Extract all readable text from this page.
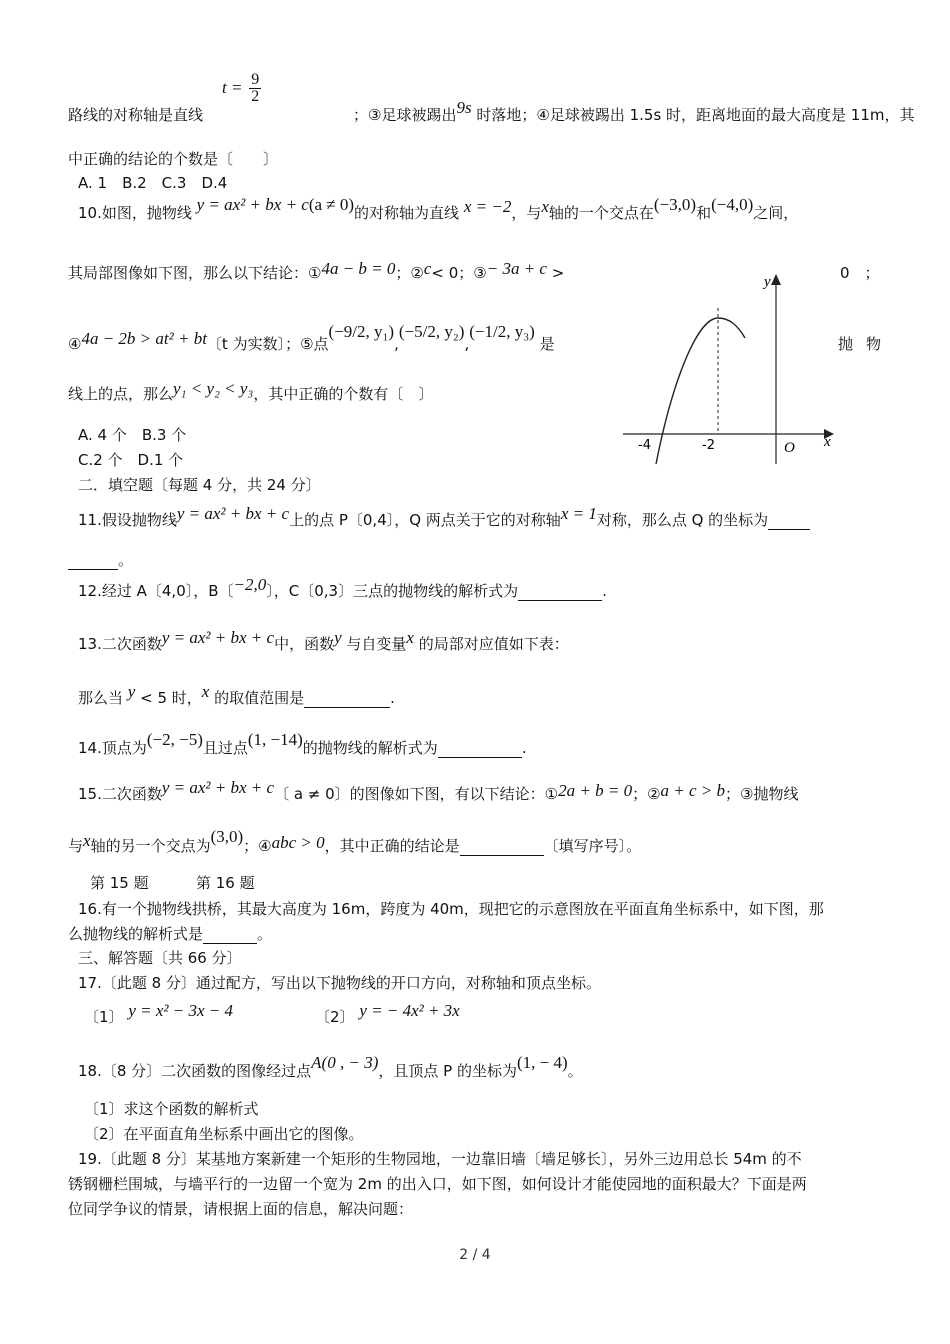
$t = \frac{9}{2}$
路线的对称轴是直线	；③足球被踢出9s 时落地；④足球被踢出 1.5s 时，距离地面的最大高度是 11m，其
中正确的结论的个数是〔　　〕
A. 1　B.2　C.3　D.4
10.如图，抛物线 y = ax² + bx + c(a ≠ 0)的对称轴为直线 x = −2，与x轴的一个交点在(−3,0)和(−4,0)之间，
其局部图像如下图，那么以下结论：①4a − b = 0；②c< 0；③− 3a + c >	0　；
④4a − 2b > at² + bt〔t 为实数〕；⑤点(−9/2, y₁),(−5/2, y₂),(−1/2, y₃) 是	抛 物
线上的点，那么y₁ < y₂ < y₃，其中正确的个数有〔　〕
A. 4 个　B.3 个
C.2 个　D.1 个
y
x
O
-4	-2
二．填空题〔每题 4 分，共 24 分〕
11.假设抛物线y = ax² + bx + c上的点 P〔0,4〕，Q 两点关于它的对称轴x = 1对称，那么点 Q 的坐标为
。
12.经过 A〔4,0〕，B〔−2,0〕，C〔0,3〕三点的抛物线的解析式为	.
13.二次函数y = ax² + bx + c中，函数y 与自变量x 的局部对应值如下表：
那么当 y < 5 时，x 的取值范围是	.
14.顶点为(−2, −5)且过点(1, −14)的抛物线的解析式为	.
15.二次函数y = ax² + bx + c〔 a ≠ 0〕的图像如下图，有以下结论：①2a + b = 0；②a + c > b；③抛物线
与x轴的另一个交点为(3,0)；④abc > 0，其中正确的结论是	〔填写序号〕。
第 15 题	第 16 题
16.有一个抛物线拱桥，其最大高度为 16m，跨度为 40m，现把它的示意图放在平面直角坐标系中，如下图，那
么抛物线的解析式是	。
三、解答题〔共 66 分〕
17.〔此题 8 分〕通过配方，写出以下抛物线的开口方向，对称轴和顶点坐标。
〔1〕 y = x² − 3x − 4	〔2〕 y = − 4x² + 3x
18.〔8 分〕二次函数的图像经过点A(0 , − 3)，且顶点 P 的坐标为(1, − 4)。
〔1〕求这个函数的解析式
〔2〕在平面直角坐标系中画出它的图像。
19.〔此题 8 分〕某基地方案新建一个矩形的生物园地，一边靠旧墙〔墙足够长〕，另外三边用总长 54m 的不
锈钢栅栏围城，与墙平行的一边留一个宽为 2m 的出入口，如下图，如何设计才能使园地的面积最大？下面是两
位同学争议的情景，请根据上面的信息，解决问题：
2 / 4
